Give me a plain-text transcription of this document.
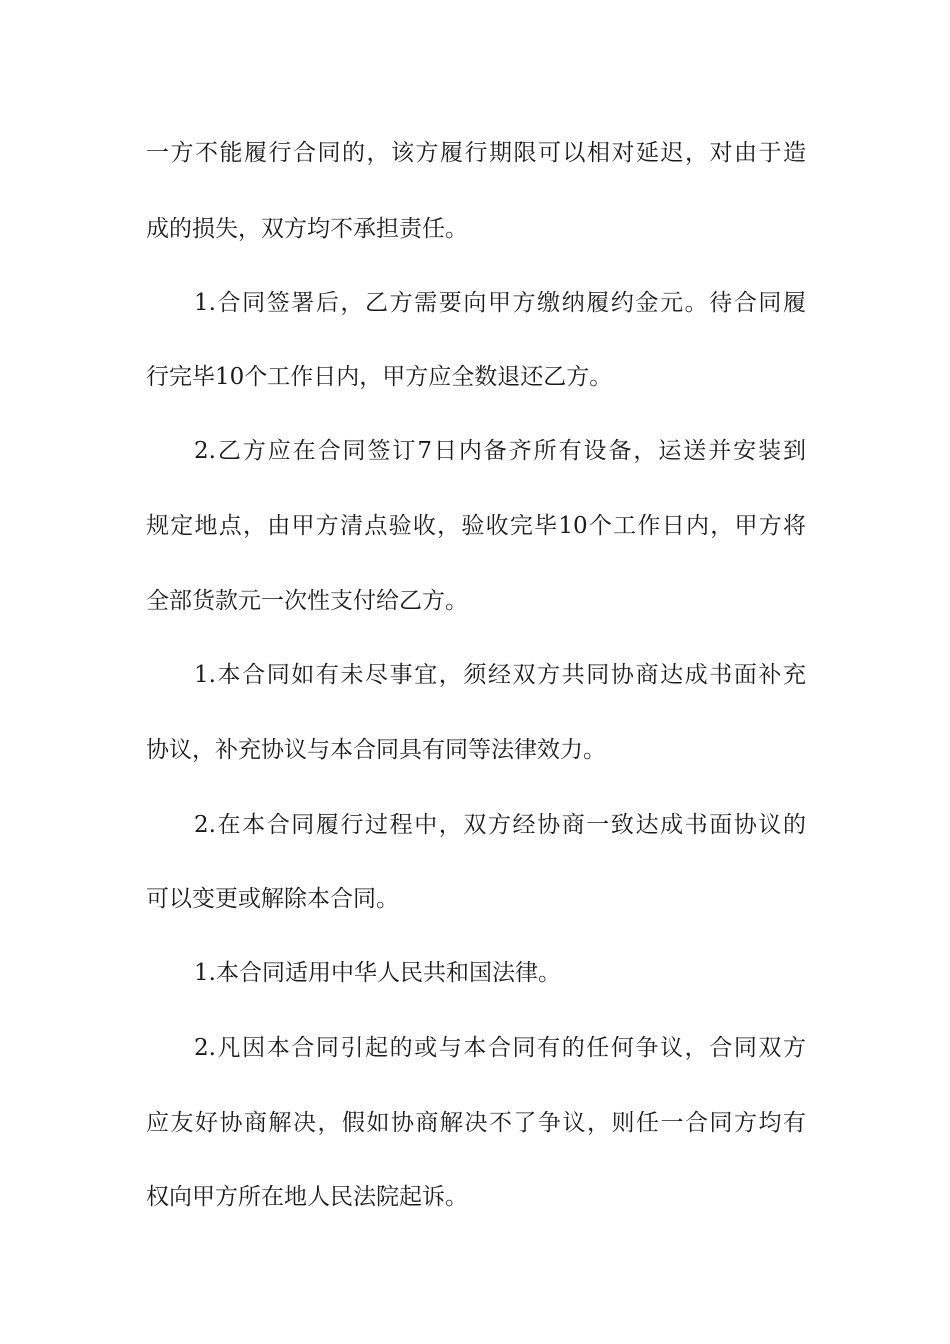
一方不能履行合同的，该方履行期限可以相对延迟，对由于造
成的损失，双方均不承担责任。
1.合同签署后，乙方需要向甲方缴纳履约金元。待合同履
行完毕10个工作日内，甲方应全数退还乙方。
2.乙方应在合同签订7日内备齐所有设备，运送并安装到
规定地点，由甲方清点验收，验收完毕10个工作日内，甲方将
全部货款元一次性支付给乙方。
1.本合同如有未尽事宜，须经双方共同协商达成书面补充
协议，补充协议与本合同具有同等法律效力。
2.在本合同履行过程中，双方经协商一致达成书面协议的
可以变更或解除本合同。
1.本合同适用中华人民共和国法律。
2.凡因本合同引起的或与本合同有的任何争议，合同双方
应友好协商解决，假如协商解决不了争议，则任一合同方均有
权向甲方所在地人民法院起诉。
